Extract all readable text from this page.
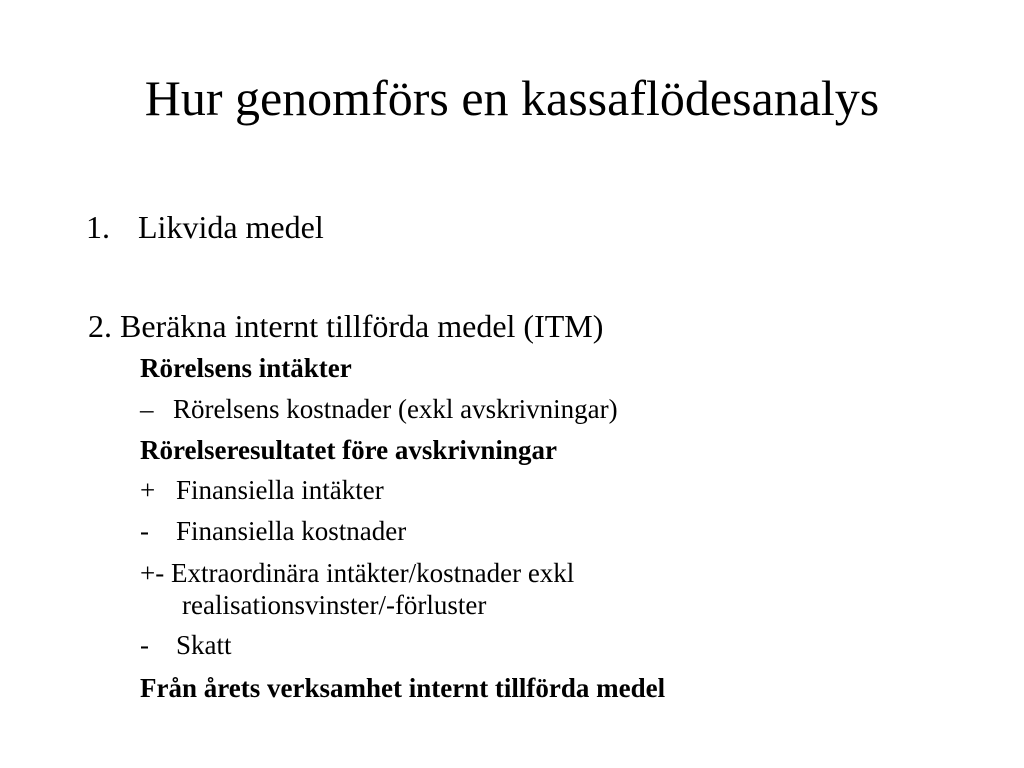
Hur genomförs en kassaflödesanalys
1. Likvida medel
2. Beräkna internt tillförda medel (ITM)
Rörelsens intäkter
– Rörelsens kostnader (exkl avskrivningar)
Rörelseresultatet före avskrivningar
+ Finansiella intäkter
- Finansiella kostnader
+- Extraordinära intäkter/kostnader exkl
realisationsvinster/-förluster
- Skatt
Från årets verksamhet internt tillförda medel
